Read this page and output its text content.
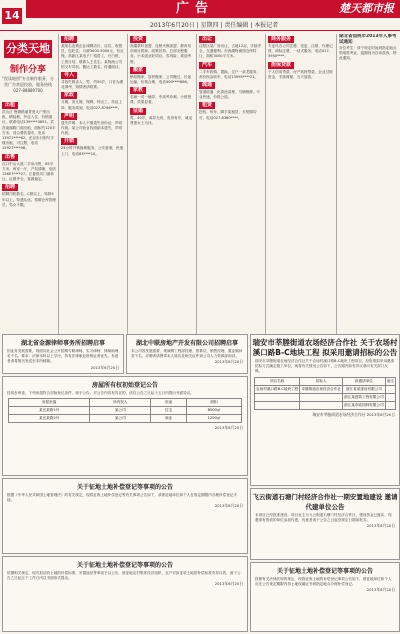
14	广告	楚天都市报
2013年6月20日 | 星期四 | 责任编辑 | 本报记者
分类天地
制作分享
"悦读地图"专业制作服务，分类广告欢迎投放，服务热线027-88889700
出租

洪山区 鲁磨路丽景苑大户型出租，精装修，拎包入住，价格面议，联系电话139****3891。武昌南湖路门面出租，面积约120平方米，适合餐饮超市，电话13971****62。光谷步行街写字楼出租，可注册，电话15927****08。

出售

汉口中山大道二手房出售，85平方米，两室一厅，产权清晰，电话13607****27。江夏纸坊门面转让，证照齐全，客源稳定。

招聘

招聘司机数名，C照以上，驾龄3年以上，待遇从优。招聘仓库管理员，男女不限。

招聘

某知名连锁企业诚聘店长、店员、收银员，包吃住，月薪3000-5000元，有社保。高新区某电子厂招普工，长白班，工资日结，联系人王先生。某物流公司招叉车司机、搬运工数名，待遇面议。

寻人

寻找失散亲人，男，约50岁，口音为湖北荆州，知情者请联系。

家政

月嫂、育儿嫂、保姆、钟点工，持证上岗，服务周到，电话027-8766****。

声明

遗失声明：本人不慎遗失身份证，声明作废。某公司营业执照副本遗失，声明作废。

开锁

24小时开锁换锁服务，公安备案，快速上门，电话83****10。

投资

高端茶叶加盟、连锁火锅加盟、教育培训项目招商，政策扶持，总部全程服务。小本创业好项目，零风险，欢迎考察。

搬家

蚂蚁搬家，居民搬家、公司搬迁、长途运输，价格合理，电话400****666。

家教

名师一对一辅导，中高考冲刺，小班授课，效果显著。

征婚

男，40岁，离异无孩，有房有车，诚觅贤惠女士为伴。

出让

汉阳区某厂房出让，占地12亩，手续齐全，交通便利。东西湖物流园仓库转让，面积3000平方米。

汽车

二手车收购、置换、过户一条龙服务，高价现金收车，电话13995****21。

疏通

管道疏通、化粪池清理、马桶维修，专业快速，价格公道。

租赁

挖机、吊车、脚手架租赁，长短期均可，电话027-8380****。

商务服务

专业代办公司注册、变更、注销、代理记账、商标注册，一站式服务，电话027-5950****。

担保贷款

个人信用贷款、房产抵押贷款、企业过桥资金，手续简便，当天放款。

湖北省仙桃市2013年人事考试通知

各位考生：请于规定时间到指定地点领取准考证，逾期视为自动放弃，特此通知。

湖北省金源律师事务所招聘启事
因业务发展需要，现面向社会公开招聘专职律师、实习律师、律师助理若干名。要求：法律本科以上学历，持有法律职业资格证者优先。有意者请将简历发送至本所邮箱。
2013年6月20日
湖北中联房地产开发有限公司招聘启事
本公司因发展需要，现诚聘工程部经理、预算员、销售经理、置业顾问若干名。应聘者请携带本人简历及相关证件到公司人力资源部面试。
2013年6月20日
房屋所有权初始登记公告
经初步审查，下列房屋符合初始登记条件，现予公告。对公告内容有异议的，请自公告之日起十五日内提出书面异议。
房屋坐落	所有权人	用途	面积
某区某路1号	某公司	住宅	8500㎡
某区某路2号	某公司	商业	1200㎡
2013年6月20日
瑞安市莘塍街道农场经济合作社 关于农场村溪口路B-C地块工程 拟采用邀请招标的公告
瑞安市莘塍街道农场经济合作社关于农场村溪口路B-C地块工程项目，经批准拟采用邀请招标方式确定施工单位，现将有关情况公告如下，公告期内如有异议请向有关部门反映。
项目名称	招标人	拟邀请单位	备注
农场村溪口路B-C地块工程	莘塍街道农场经济合作社	浙江省某建设有限公司	
		浙江某建筑工程有限公司	
		浙江某市政园林有限公司	
瑞安市莘塍街道农场经济合作社 2013年6月20日
关于征地土地补偿登记等事项的公告
根据《中华人民共和国土地管理法》的有关规定，现将征收土地补偿登记等有关事项公告如下，请被征地单位和个人在规定期限内办理补偿登记手续。
2013年6月20日
关于征地土地补偿登记等事项的公告
依据相关规定，现对拟征收土地的补偿标准、安置途径等事项予以公告，被征地农村集体经济组织、农户对拟征收土地的补偿标准有异议的，请于公告之日起五个工作日内以书面形式提出。
2013年6月20日
飞云街道石塘门村经济合作社一期安置地建设 邀请代建单位公告
本项目已经批准建设，项目业主为飞云街道石塘门村经济合作社，建设资金已落实，现邀请有资质的单位参加代建，有意者请于公告之日起至规定日期前报名。
2013年6月20日
关于征地土地补偿登记等事项的公告
按照有关法律法规的规定，现将征收土地的补偿登记事项公告如下，被征地单位和个人应在公告规定期限内持土地权属证书到指定地点办理补偿登记。
2013年6月20日
